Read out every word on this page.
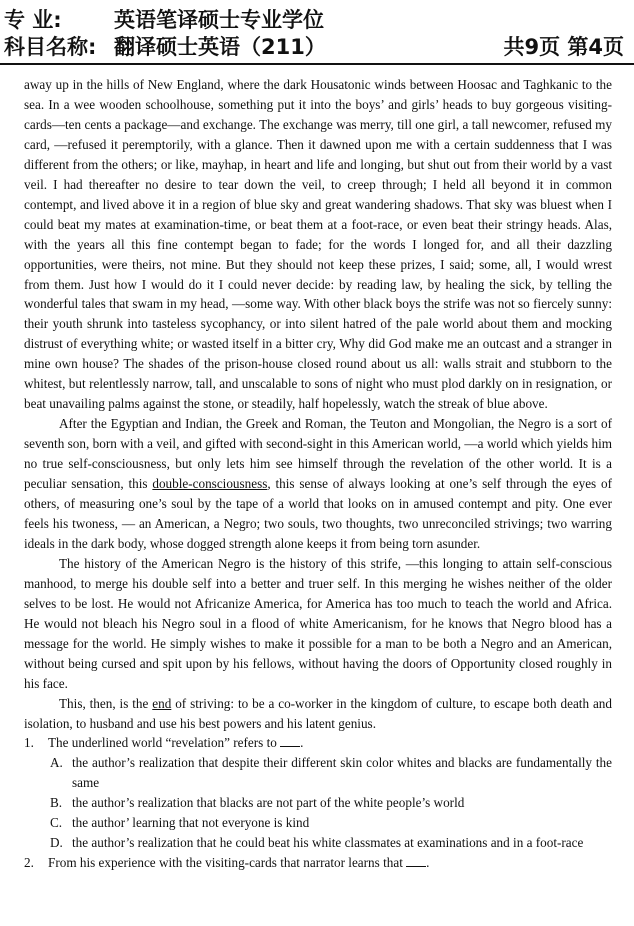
专 业: 英语笔译硕士专业学位
科目名称: 翻译硕士英语（211）	共9页 第4页

away up in the hills of New England, where the dark Housatonic winds between Hoosac and Taghkanic to the sea. In a wee wooden schoolhouse, something put it into the boys’ and girls’ heads to buy gorgeous visiting-cards—ten cents a package—and exchange. The exchange was merry, till one girl, a tall newcomer, refused my card, —refused it peremptorily, with a glance. Then it dawned upon me with a certain suddenness that I was different from the others; or like, mayhap, in heart and life and longing, but shut out from their world by a vast veil. I had thereafter no desire to tear down the veil, to creep through; I held all beyond it in common contempt, and lived above it in a region of blue sky and great wandering shadows. That sky was bluest when I could beat my mates at examination-time, or beat them at a foot-race, or even beat their stringy heads. Alas, with the years all this fine contempt began to fade; for the words I longed for, and all their dazzling opportunities, were theirs, not mine. But they should not keep these prizes, I said; some, all, I would wrest from them. Just how I would do it I could never decide: by reading law, by healing the sick, by telling the wonderful tales that swam in my head, —some way. With other black boys the strife was not so fiercely sunny: their youth shrunk into tasteless sycophancy, or into silent hatred of the pale world about them and mocking distrust of everything white; or wasted itself in a bitter cry, Why did God make me an outcast and a stranger in mine own house? The shades of the prison-house closed round about us all: walls strait and stubborn to the whitest, but relentlessly narrow, tall, and unscalable to sons of night who must plod darkly on in resignation, or beat unavailing palms against the stone, or steadily, half hopelessly, watch the streak of blue above.

After the Egyptian and Indian, the Greek and Roman, the Teuton and Mongolian, the Negro is a sort of seventh son, born with a veil, and gifted with second-sight in this American world, —a world which yields him no true self-consciousness, but only lets him see himself through the revelation of the other world. It is a peculiar sensation, this double-consciousness, this sense of always looking at one’s self through the eyes of others, of measuring one’s soul by the tape of a world that looks on in amused contempt and pity. One ever feels his twoness, — an American, a Negro; two souls, two thoughts, two unreconciled strivings; two warring ideals in the dark body, whose dogged strength alone keeps it from being torn asunder.

The history of the American Negro is the history of this strife, —this longing to attain self-conscious manhood, to merge his double self into a better and truer self. In this merging he wishes neither of the older selves to be lost. He would not Africanize America, for America has too much to teach the world and Africa. He would not bleach his Negro soul in a flood of white Americanism, for he knows that Negro blood has a message for the world. He simply wishes to make it possible for a man to be both a Negro and an American, without being cursed and spit upon by his fellows, without having the doors of Opportunity closed roughly in his face.

This, then, is the end of striving: to be a co-worker in the kingdom of culture, to escape both death and isolation, to husband and use his best powers and his latent genius.

1. The underlined world “revelation” refers to .

A. the author’s realization that despite their different skin color whites and blacks are fundamentally the same

B. the author’s realization that blacks are not part of the white people’s world

C. the author’ learning that not everyone is kind

D. the author’s realization that he could beat his white classmates at examinations and in a foot-race

2. From his experience with the visiting-cards that narrator learns that .
